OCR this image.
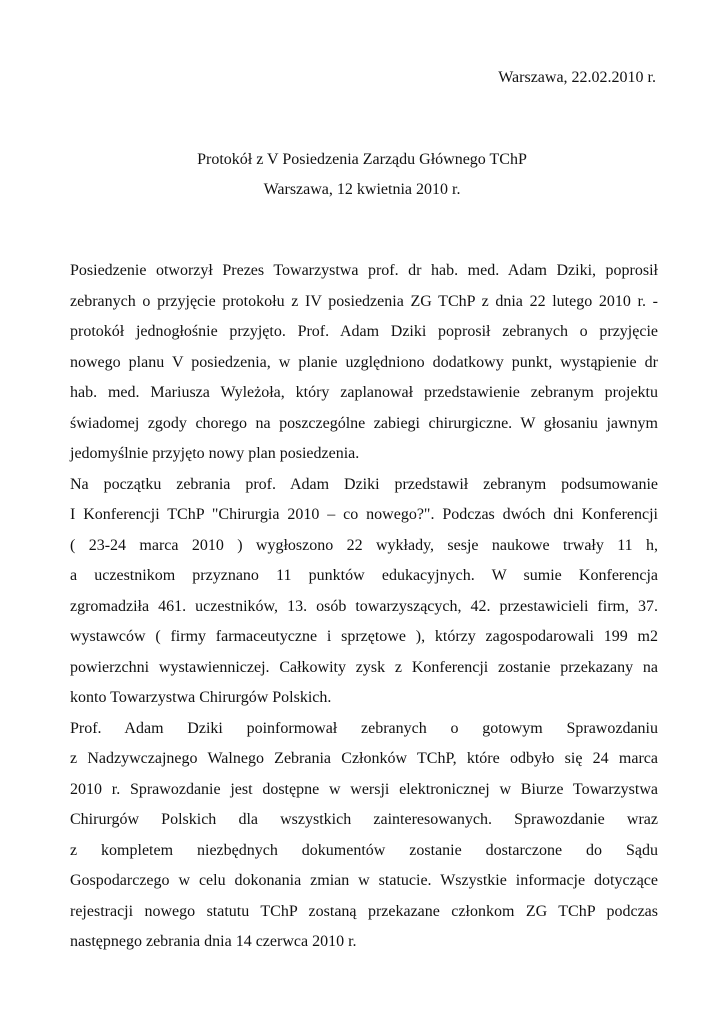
Warszawa, 22.02.2010 r.
Protokół z V Posiedzenia Zarządu Głównego TChP
Warszawa, 12 kwietnia 2010 r.
Posiedzenie otworzył Prezes Towarzystwa prof. dr hab. med. Adam Dziki, poprosił
zebranych o przyjęcie protokołu z IV posiedzenia ZG TChP z dnia 22 lutego 2010 r. -
protokół jednogłośnie przyjęto. Prof. Adam Dziki poprosił zebranych o przyjęcie
nowego planu V posiedzenia, w planie uzględniono dodatkowy punkt, wystąpienie dr
hab. med. Mariusza Wyleżoła, który zaplanował przedstawienie zebranym projektu
świadomej zgody chorego na poszczególne zabiegi chirurgiczne. W głosaniu jawnym
jedomyślnie przyjęto nowy plan posiedzenia.
Na początku zebrania prof. Adam Dziki przedstawił zebranym podsumowanie
I Konferencji TChP "Chirurgia 2010 – co nowego?". Podczas dwóch dni Konferencji
( 23-24 marca 2010 ) wygłoszono 22 wykłady, sesje naukowe trwały 11 h,
a uczestnikom przyznano 11 punktów edukacyjnych. W sumie Konferencja
zgromadziła 461. uczestników, 13. osób towarzyszących, 42. przestawicieli firm, 37.
wystawców ( firmy farmaceutyczne i sprzętowe ), którzy zagospodarowali 199 m2
powierzchni wystawienniczej. Całkowity zysk z Konferencji zostanie przekazany na
konto Towarzystwa Chirurgów Polskich.
Prof. Adam Dziki poinformował zebranych o gotowym Sprawozdaniu
z Nadzywczajnego Walnego Zebrania Członków TChP, które odbyło się 24 marca
2010 r. Sprawozdanie jest dostępne w wersji elektronicznej w Biurze Towarzystwa
Chirurgów Polskich dla wszystkich zainteresowanych. Sprawozdanie wraz
z kompletem niezbędnych dokumentów zostanie dostarczone do Sądu
Gospodarczego w celu dokonania zmian w statucie. Wszystkie informacje dotyczące
rejestracji nowego statutu TChP zostaną przekazane członkom ZG TChP podczas
następnego zebrania dnia 14 czerwca 2010 r.
